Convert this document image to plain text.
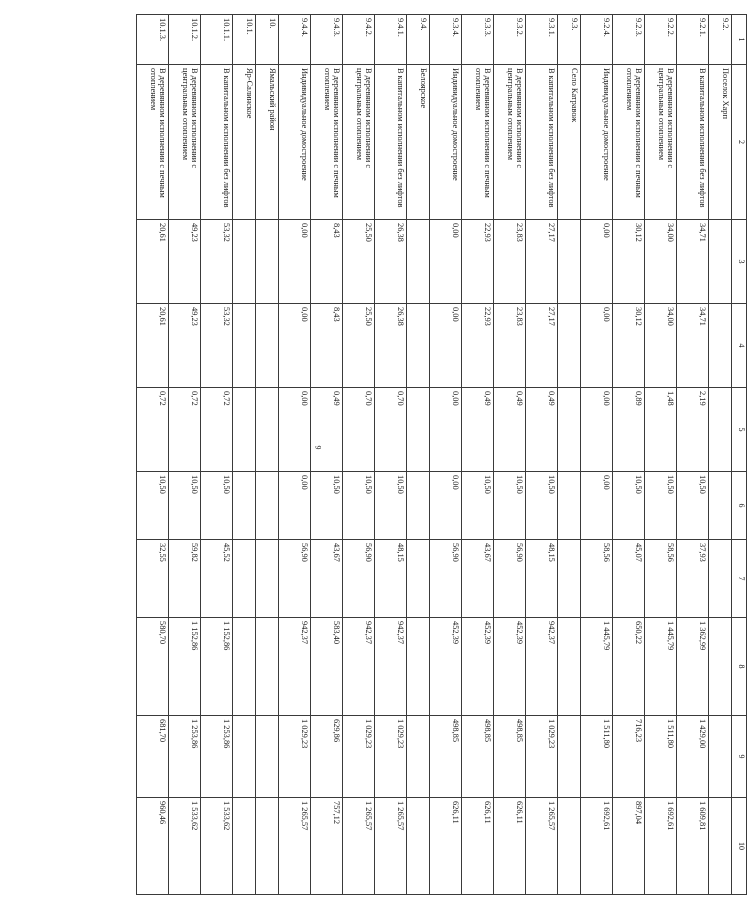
9
1	2	3	4	5	6	7	8	9	10
9.2.	Поселок Харп								
9.2.1.	В капитальном исполнении без лифтов	34,71	34,71	2,19	10,50	37,93	1 362,99	1 429,00	1 609,81
9.2.2.	В деревянном исполнении с центральным отоплением	34,00	34,00	1,48	10,50	58,56	1 445,79	1 511,80	1 692,61
9.2.3.	В деревянном исполнении с печным отоплением	30,12	30,12	0,89	10,50	45,07	650,22	716,23	897,04
9.2.4.	Индивидуальное домостроение	0,00	0,00	0,00	0,00	58,56	1 445,79	1 511,80	1 692,61
9.3.	Село Катравож								
9.3.1.	В капитальном исполнении без лифтов	27,17	27,17	0,49	10,50	48,15	942,37	1 029,23	1 265,57
9.3.2.	В деревянном исполнении с центральным отоплением	23,83	23,83	0,49	10,50	56,90	452,39	498,85	626,11
9.3.3.	В деревянном исполнении с печным отоплением	22,93	22,93	0,49	10,50	43,67	452,39	498,85	626,11
9.3.4.	Индивидуальное домостроение	0,00	0,00	0,00	0,00	56,90	452,39	498,85	626,11
9.4.	Белоярское								
9.4.1.	В капитальном исполнении без лифтов	26,38	26,38	0,70	10,50	48,15	942,37	1 029,23	1 265,57
9.4.2.	В деревянном исполнении с центральным отоплением	25,50	25,50	0,70	10,50	56,90	942,37	1 029,23	1 265,57
9.4.3.	В деревянном исполнении с печным отоплением	8,43	8,43	0,49	10,50	43,67	583,40	629,86	757,12
9.4.4.	Индивидуальное домостроение	0,00	0,00	0,00	0,00	56,90	942,37	1 029,23	1 265,57
10.	Ямальский район								
10.1.	Яр-Салинское								
10.1.1.	В капитальном исполнении без лифтов	53,32	53,32	0,72	10,50	45,52	1 152,86	1 253,86	1 533,62
10.1.2.	В деревянном исполнении с центральным отоплением	49,23	49,23	0,72	10,50	59,82	1 152,86	1 253,86	1 533,62
10.1.3.	В деревянном исполнении с печным отоплением	20,61	20,61	0,72	10,50	32,55	580,70	681,70	960,46
